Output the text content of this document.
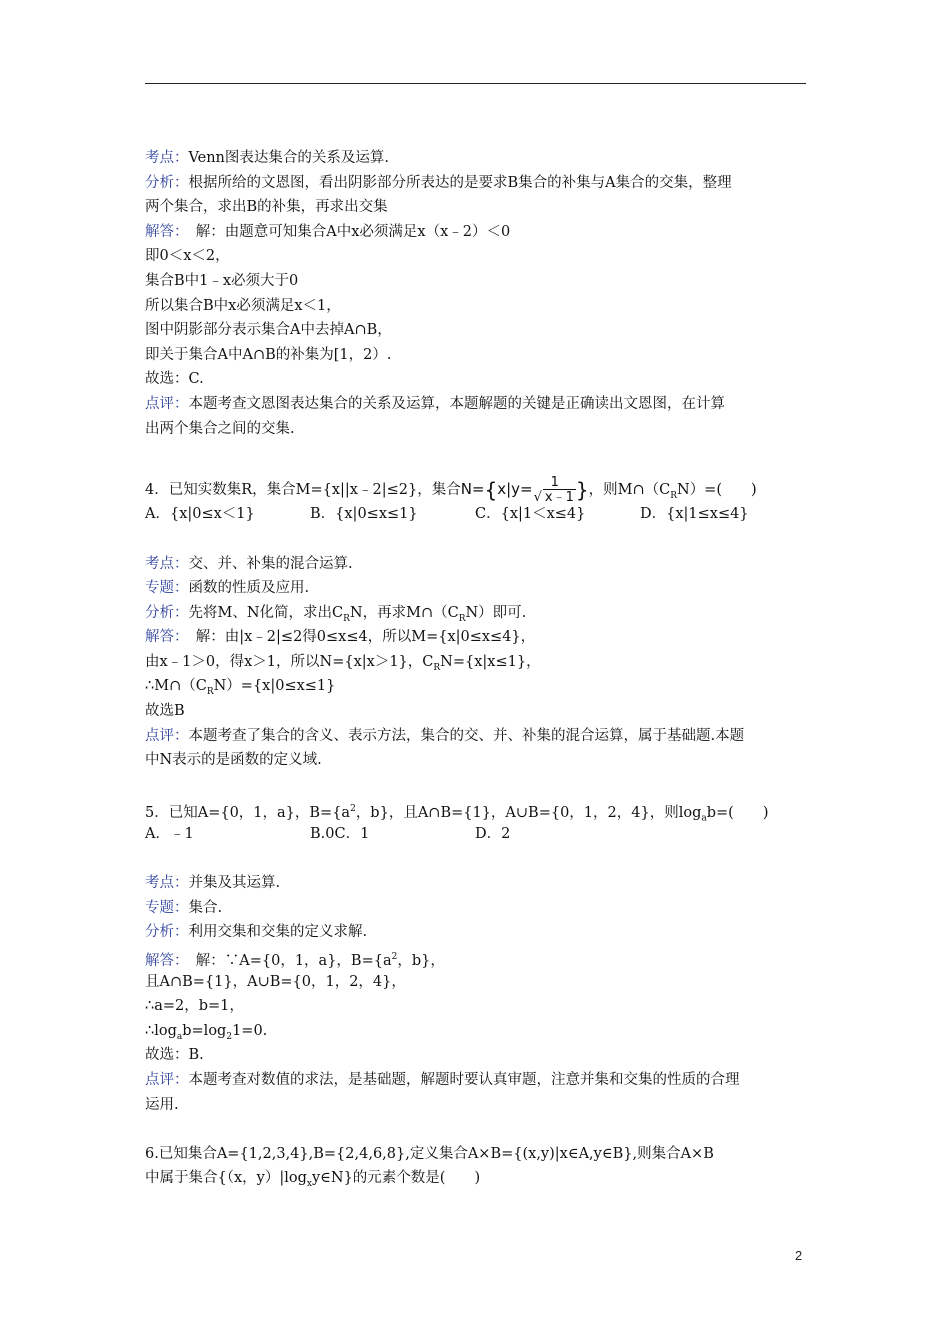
考点：Venn图表达集合的关系及运算.
分析：根据所给的文恩图，看出阴影部分所表达的是要求B集合的补集与A集合的交集，整理
两个集合，求出B的补集，再求出交集
解答：　解：由题意可知集合A中x必须满足x（x﹣2）＜0
即0＜x＜2，
集合B中1﹣x必须大于0
所以集合B中x必须满足x＜1，
图中阴影部分表示集合A中去掉A∩B，
即关于集合A中A∩B的补集为[1，2）.
故选：C.
点评：本题考查文恩图表达集合的关系及运算，本题解题的关键是正确读出文恩图，在计算
出两个集合之间的交集.
4．已知实数集R，集合M={x||x﹣2|≤2}，集合 N= { $x|y= \frac{1}{√ x﹣1}$ } ，则$M\cap(C_RN)=$(　　)
A．{x|0≤x＜1}	B．{x|0≤x≤1}	C．{x|1＜x≤4}	D．{x|1≤x≤4}
考点：交、并、补集的混合运算.
专题：函数的性质及应用.
分析：先将M、N化简，求出$C_RN$，再求$M\cap(C_RN)$即可.
解答：　解：由|x﹣2|≤2得0≤x≤4，所以M={x|0≤x≤4}，
由x﹣1＞0，得x＞1，所以N={x|x＞1}，$C_RN=\{x|x\le 1\}$，
$\therefore M\cap(C_RN)=\{x|0\le x\le 1\}$
故选B
点评：本题考查了集合的含义、表示方法，集合的交、并、补集的混合运算，属于基础题.本题
中N表示的是函数的定义域.
5．已知A={0，1，a}，$B=\{a^2$，b}，且A∩B={1}，A∪B={0，1，2，4}，则$\log_ab=$(　　)
A．﹣1	B.0C．1	D．2
考点：并集及其运算.
专题：集合.
分析：利用交集和交集的定义求解.
解答：　解：∵A={0，1，a}，$B=\{a^2$，b}，
且A∩B={1}，A∪B={0，1，2，4}，
∴a=2，b=1，
$\therefore\log_ab=\log_21=0$.
故选：B.
点评：本题考查对数值的求法，是基础题，解题时要认真审题，注意并集和交集的性质的合理
运用.
6.已知集合A={1,2,3,4},B={2,4,6,8},定义集合A×B={(x,y)|x∈A,y∈B},则集合A×B
中属于集合{（x，$y)|\log_xy\in N$}的元素个数是(　　)
2
